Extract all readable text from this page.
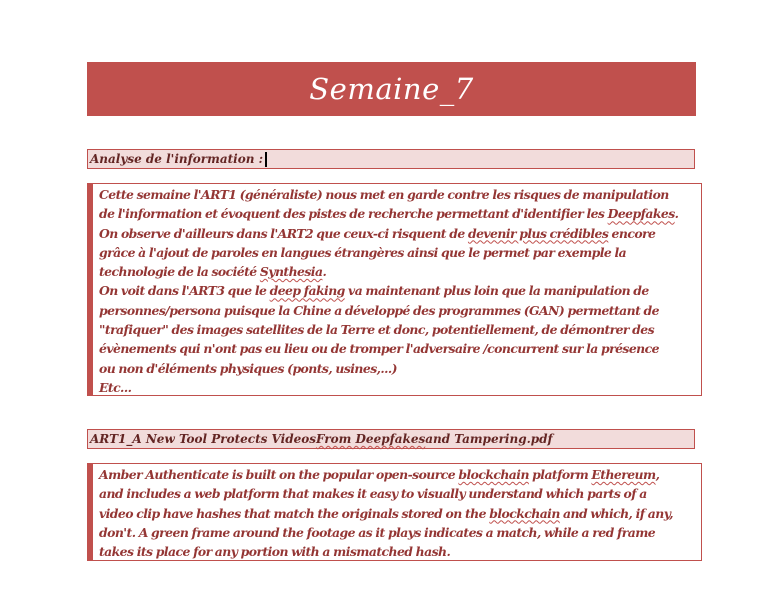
Semaine_7
Analyse de l'information :
Cette semaine l'ART1 (généraliste) nous met en garde contre les risques de manipulation
de l'information et évoquent des pistes de recherche permettant d'identifier les Deepfakes.
On observe d'ailleurs dans l'ART2 que ceux-ci risquent de devenir plus crédibles encore
grâce à l'ajout de paroles en langues étrangères ainsi que le permet par exemple la
technologie de la société Synthesia.
On voit dans l'ART3 que le deep faking va maintenant plus loin que la manipulation de
personnes/persona puisque la Chine a développé des programmes (GAN) permettant de
"trafiquer" des images satellites de la Terre et donc, potentiellement, de démontrer des
évènements qui n'ont pas eu lieu ou de tromper l'adversaire /concurrent sur la présence
ou non d'éléments physiques (ponts, usines,...)
Etc...
ART1_A New Tool Protects Videos From Deepfakes and Tampering.pdf
Amber Authenticate is built on the popular open-source blockchain platform Ethereum,
and includes a web platform that makes it easy to visually understand which parts of a
video clip have hashes that match the originals stored on the blockchain and which, if any,
don't. A green frame around the footage as it plays indicates a match, while a red frame
takes its place for any portion with a mismatched hash.
